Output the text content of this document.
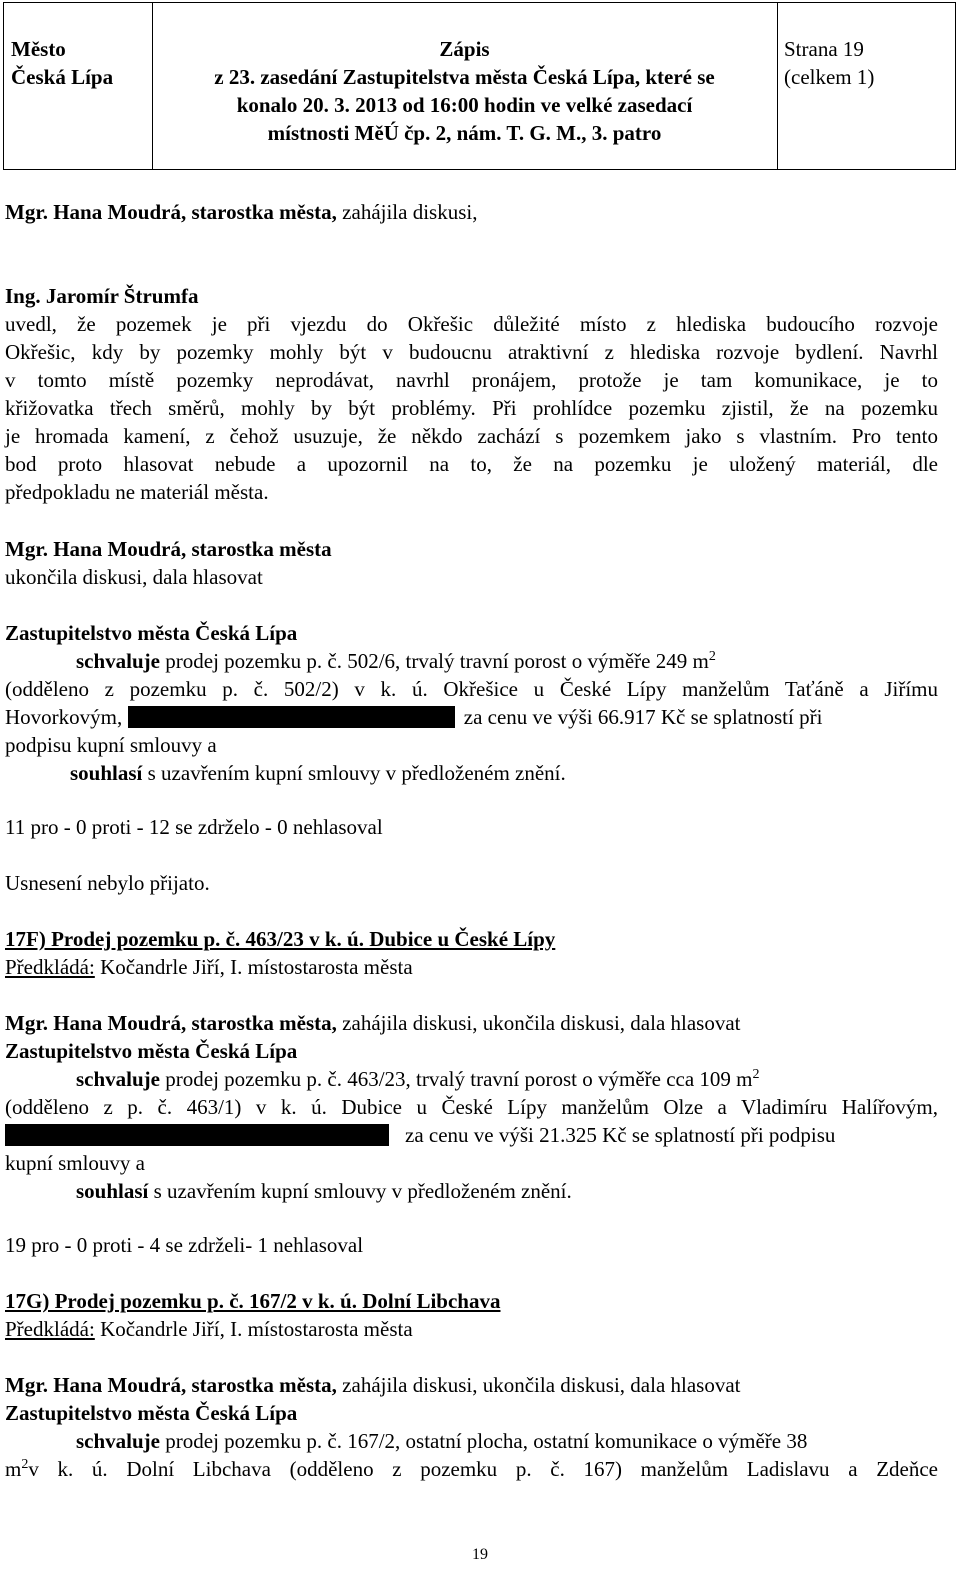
Město
Česká Lípa
Zápis
z 23. zasedání Zastupitelstva města Česká Lípa, které se
konalo 20. 3. 2013 od 16:00 hodin ve velké zasedací
místnosti MěÚ čp. 2, nám. T. G. M., 3. patro
Strana 19
(celkem 1)
Mgr. Hana Moudrá, starostka města, zahájila diskusi,
Ing. Jaromír Štrumfa
uvedl, že pozemek je při vjezdu do Okřešic důležité místo z hlediska budoucího rozvoje
Okřešic, kdy by pozemky mohly být v budoucnu atraktivní z hlediska rozvoje bydlení. Navrhl
v tomto místě pozemky neprodávat, navrhl pronájem, protože je tam komunikace, je to
křižovatka třech směrů, mohly by být problémy. Při prohlídce pozemku zjistil, že na pozemku
je hromada kamení, z čehož usuzuje, že někdo zachází s pozemkem jako s vlastním. Pro tento
bod proto hlasovat nebude a upozornil na to, že na pozemku je uložený materiál, dle
předpokladu ne materiál města.
Mgr. Hana Moudrá, starostka města
ukončila diskusi, dala hlasovat
Zastupitelstvo města Česká Lípa
schvaluje prodej pozemku p. č. 502/6, trvalý travní porost o výměře 249 $m^2$
(odděleno z pozemku p. č. 502/2) v k. ú. Okřešice u České Lípy manželům Taťáně a Jiřímu
Hovorkovým,	za cenu ve výši 66.917 Kč se splatností při
podpisu kupní smlouvy a
souhlasí s uzavřením kupní smlouvy v předloženém znění.
11 pro - 0 proti - 12 se zdrželo - 0 nehlasoval
Usnesení nebylo přijato.
17F) Prodej pozemku p. č. 463/23 v k. ú. Dubice u České Lípy
Předkládá: Kočandrle Jiří, I. místostarosta města
Mgr. Hana Moudrá, starostka města, zahájila diskusi, ukončila diskusi, dala hlasovat
Zastupitelstvo města Česká Lípa
schvaluje prodej pozemku p. č. 463/23, trvalý travní porost o výměře cca 109 $m^2$
(odděleno z p. č. 463/1) v k. ú. Dubice u České Lípy manželům Olze a Vladimíru Halířovým,
za cenu ve výši 21.325 Kč se splatností při podpisu
kupní smlouvy a
souhlasí s uzavřením kupní smlouvy v předloženém znění.
19 pro - 0 proti - 4 se zdrželi- 1 nehlasoval
17G) Prodej pozemku p. č. 167/2 v k. ú. Dolní Libchava
Předkládá: Kočandrle Jiří, I. místostarosta města
Mgr. Hana Moudrá, starostka města, zahájila diskusi, ukončila diskusi, dala hlasovat
Zastupitelstvo města Česká Lípa
schvaluje prodej pozemku p. č. 167/2, ostatní plocha, ostatní komunikace o výměře 38
$m^2$ v k. ú. Dolní Libchava (odděleno z pozemku p. č. 167) manželům Ladislavu a Zdeňce
19
